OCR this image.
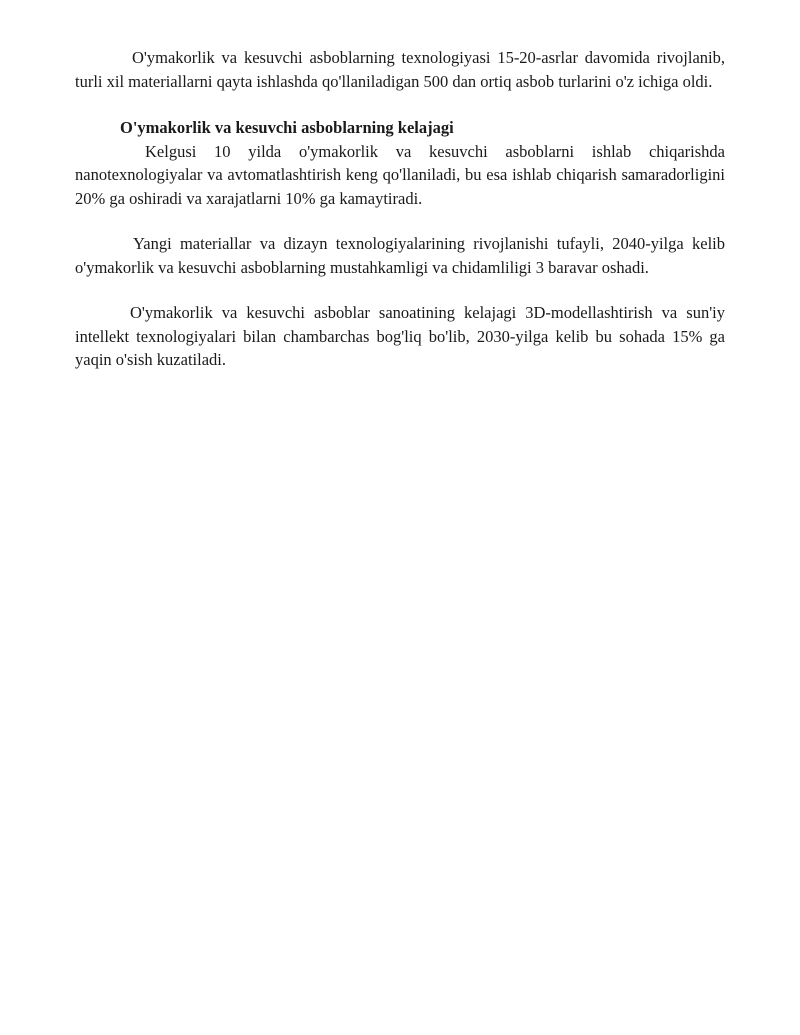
O'ymakorlik va kesuvchi asboblarning texnologiyasi 15-20-asrlar davomida rivojlanib, turli xil materiallarni qayta ishlashda qo'llaniladigan 500 dan ortiq asbob turlarini o'z ichiga oldi.

O'ymakorlik va kesuvchi asboblarning kelajagi

Kelgusi 10 yilda o'ymakorlik va kesuvchi asboblarni ishlab chiqarishda nanotexnologiyalar va avtomatlashtirish keng qo'llaniladi, bu esa ishlab chiqarish samaradorligini 20% ga oshiradi va xarajatlarni 10% ga kamaytiradi.

Yangi materiallar va dizayn texnologiyalarining rivojlanishi tufayli, 2040-yilga kelib o'ymakorlik va kesuvchi asboblarning mustahkamligi va chidamliligi 3 baravar oshadi.

O'ymakorlik va kesuvchi asboblar sanoatining kelajagi 3D-modellashtirish va sun'iy intellekt texnologiyalari bilan chambarchas bog'liq bo'lib, 2030-yilga kelib bu sohada 15% ga yaqin o'sish kuzatiladi.
